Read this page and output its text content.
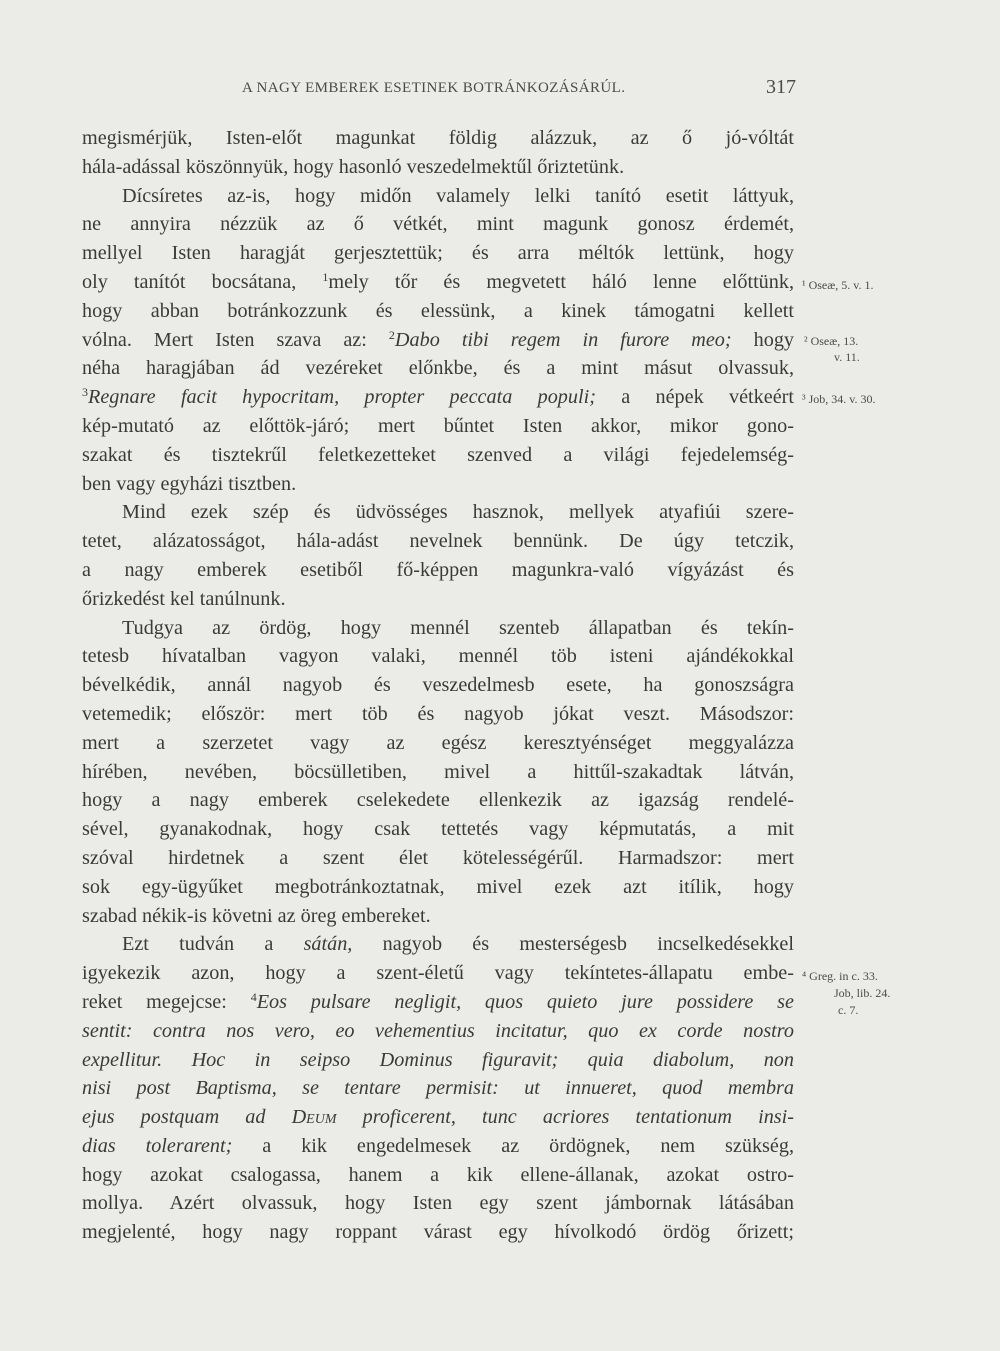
A NAGY EMBEREK ESETINEK BOTRÁNKOZÁSÁRÚL.	317
megismérjük, Isten-előt magunkat földig alázzuk, az ő jó-vóltát
hála-adással köszönnyük, hogy hasonló veszedelmektűl őriztetünk.
Dícsíretes az-is, hogy midőn valamely lelki tanító esetit láttyuk,
ne annyira nézzük az ő vétkét, mint magunk gonosz érdemét,
mellyel Isten haragját gerjesztettük; és arra méltók lettünk, hogy
oly tanítót bocsátana, $^1$mely tőr és megvetett háló lenne előttünk,
hogy abban botránkozzunk és elessünk, a kinek támogatni kellett
vólna. Mert Isten szava az: $^2$Dabo tibi regem in furore meo; hogy
néha haragjában ád vezéreket előnkbe, és a mint másut olvassuk,
$^3$Regnare facit hypocritam, propter peccata populi; a népek vétkeért
kép-mutató az előttök-járó; mert bűntet Isten akkor, mikor gono-
szakat és tisztekrűl feletkezetteket szenved a világi fejedelemség-
ben vagy egyházi tisztben.
Mind ezek szép és üdvösséges hasznok, mellyek atyafiúi szere-
tetet, alázatosságot, hála-adást nevelnek bennünk. De úgy tetczik,
a nagy emberek esetiből fő-képpen magunkra-való vígyázást és
őrizkedést kel tanúlnunk.
Tudgya az ördög, hogy mennél szenteb állapatban és tekín-
tetesb hívatalban vagyon valaki, mennél töb isteni ajándékokkal
bévelkédik, annál nagyob és veszedelmesb esete, ha gonoszságra
vetemedik; először: mert töb és nagyob jókat veszt. Másodszor:
mert a szerzetet vagy az egész keresztyénséget meggyalázza
hírében, nevében, böcsülletiben, mivel a hittűl-szakadtak látván,
hogy a nagy emberek cselekedete ellenkezik az igazság rendelé-
sével, gyanakodnak, hogy csak tettetés vagy képmutatás, a mit
szóval hirdetnek a szent élet kötelességérűl. Harmadszor: mert
sok egy-ügyűket megbotránkoztatnak, mivel ezek azt itílik, hogy
szabad nékik-is követni az öreg embereket.
Ezt tudván a sátán, nagyob és mesterségesb incselkedésekkel
igyekezik azon, hogy a szent-életű vagy tekíntetes-állapatu embe-
reket megejcse: $^4$Eos pulsare negligit, quos quieto jure possidere se
sentit: contra nos vero, eo vehementius incitatur, quo ex corde nostro
expellitur. Hoc in seipso Dominus figuravit; quia diabolum, non
nisi post Baptisma, se tentare permisit: ut innueret, quod membra
ejus postquam ad Deum proficerent, tunc acriores tentationum insi-
dias tolerarent; a kik engedelmesek az ördögnek, nem szükség,
hogy azokat csalogassa, hanem a kik ellene-állanak, azokat ostro-
mollya. Azért olvassuk, hogy Isten egy szent jámbornak látásában
megjelenté, hogy nagy roppant várast egy hívolkodó ördög őrizett;
¹ Oseæ, 5. v. 1.
² Oseæ, 13.
v. 11.
³ Job, 34. v. 30.
⁴ Greg. in c. 33.
Job, lib. 24.
c. 7.
